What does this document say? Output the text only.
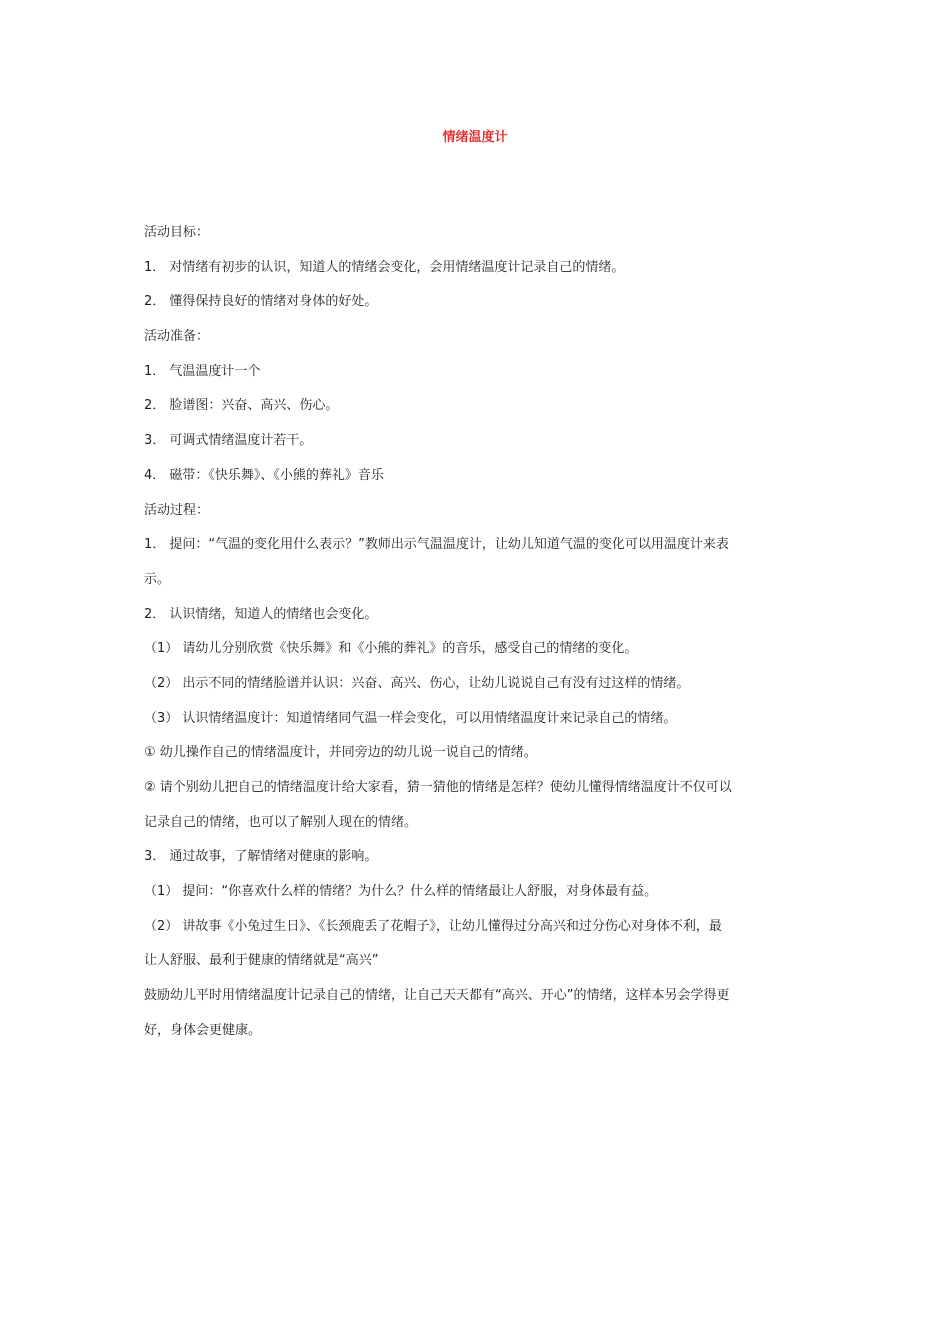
情绪温度计
活动目标：
1． 对情绪有初步的认识，知道人的情绪会变化，会用情绪温度计记录自己的情绪。
2． 懂得保持良好的情绪对身体的好处。
活动准备：
1． 气温温度计一个
2． 脸谱图：兴奋、高兴、伤心。
3． 可调式情绪温度计若干。
4． 磁带：《快乐舞》、《小熊的葬礼》音乐
活动过程：
1． 提问：“气温的变化用什么表示？”教师出示气温温度计，让幼儿知道气温的变化可以用温度计来表
示。
2． 认识情绪，知道人的情绪也会变化。
（1） 请幼儿分别欣赏《快乐舞》和《小熊的葬礼》的音乐，感受自己的情绪的变化。
（2） 出示不同的情绪脸谱并认识：兴奋、高兴、伤心，让幼儿说说自己有没有过这样的情绪。
（3） 认识情绪温度计：知道情绪同气温一样会变化，可以用情绪温度计来记录自己的情绪。
① 幼儿操作自己的情绪温度计，并同旁边的幼儿说一说自己的情绪。
② 请个别幼儿把自己的情绪温度计给大家看，猜一猜他的情绪是怎样？使幼儿懂得情绪温度计不仅可以
记录自己的情绪，也可以了解别人现在的情绪。
3． 通过故事，了解情绪对健康的影响。
（1） 提问：“你喜欢什么样的情绪？为什么？什么样的情绪最让人舒服，对身体最有益。
（2） 讲故事《小兔过生日》、《长颈鹿丢了花帽子》，让幼儿懂得过分高兴和过分伤心对身体不利，最
让人舒服、最利于健康的情绪就是“高兴”
鼓励幼儿平时用情绪温度计记录自己的情绪，让自己天天都有“高兴、开心”的情绪，这样本另会学得更
好，身体会更健康。
